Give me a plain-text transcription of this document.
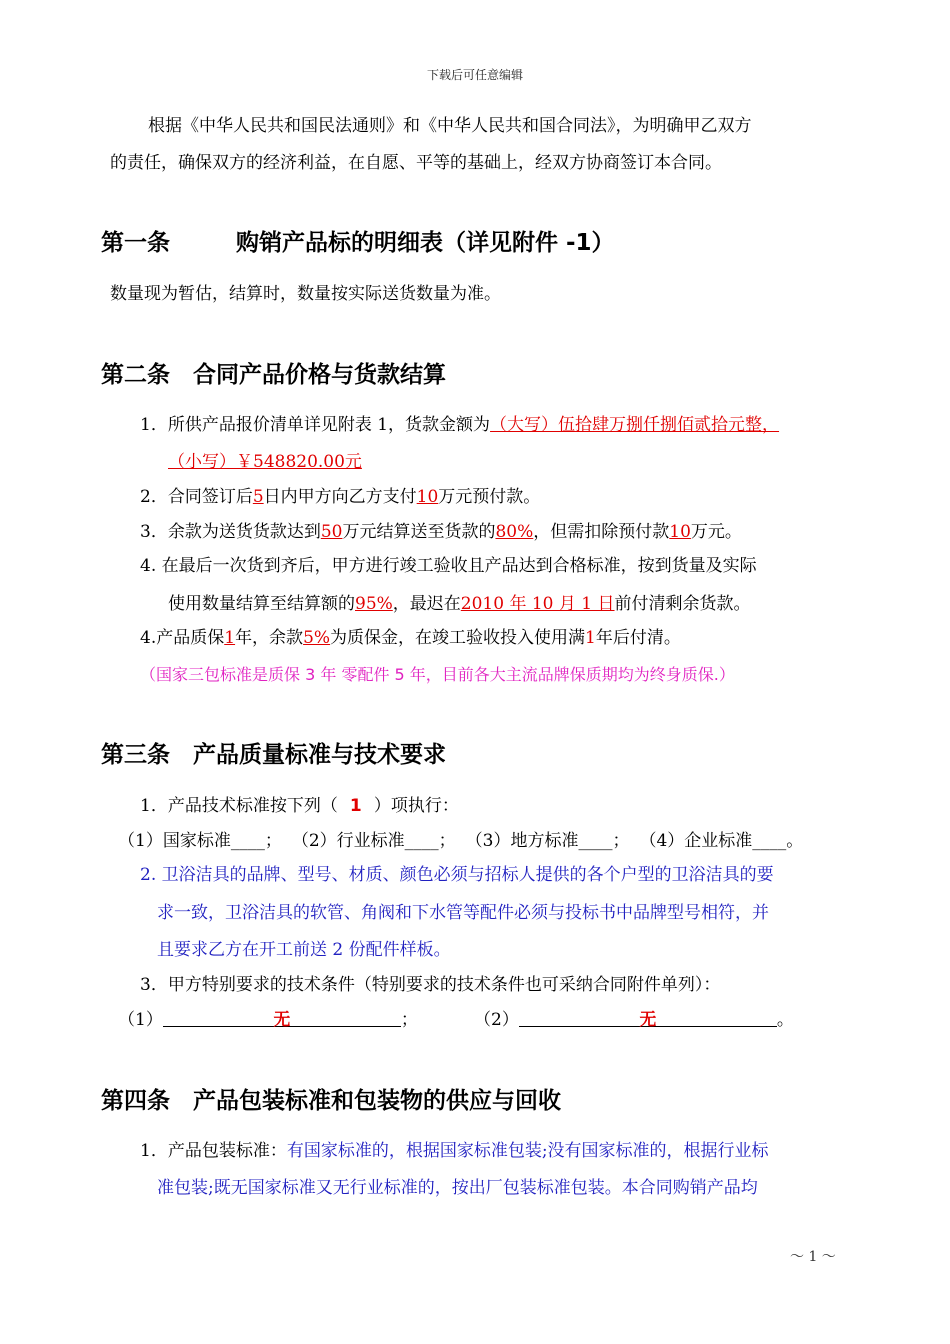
下载后可任意编辑
根据《中华人民共和国民法通则》和《中华人民共和国合同法》，为明确甲乙双方
的责任，确保双方的经济利益，在自愿、平等的基础上，经双方协商签订本合同。
第一条	购销产品标的明细表（详见附件 -1）
数量现为暂估，结算时，数量按实际送货数量为准。
第二条　合同产品价格与货款结算
1．所供产品报价清单详见附表 1，货款金额为（大写）伍拾肆万捌仟捌佰贰拾元整，
（小写）￥548820.00元
2．合同签订后5日内甲方向乙方支付10万元预付款。
3．余款为送货货款达到50万元结算送至货款的80%，但需扣除预付款10万元。
4. 在最后一次货到齐后，甲方进行竣工验收且产品达到合格标准，按到货量及实际
使用数量结算至结算额的95%，最迟在2010 年 10 月 1 日前付清剩余货款。
4.产品质保1年，余款5%为质保金，在竣工验收投入使用满1年后付清。
（国家三包标准是质保 3 年 零配件 5 年，目前各大主流品牌保质期均为终身质保.）
第三条　产品质量标准与技术要求
1．产品技术标准按下列（ 1 ）项执行：
（1）国家标准____； （2）行业标准____； （3）地方标准____； （4）企业标准____。
2. 卫浴洁具的品牌、型号、材质、颜色必须与招标人提供的各个户型的卫浴洁具的要
求一致，卫浴洁具的软管、角阀和下水管等配件必须与投标书中品牌型号相符，并
且要求乙方在开工前送 2 份配件样板。
3．甲方特别要求的技术条件（特别要求的技术条件也可采纳合同附件单列）：
（1）	无	；	（2）	无	。
第四条　产品包装标准和包装物的供应与回收
1．产品包装标准：有国家标准的，根据国家标准包装;没有国家标准的，根据行业标
准包装;既无国家标准又无行业标准的，按出厂包装标准包装。本合同购销产品均
～ 1 ～
